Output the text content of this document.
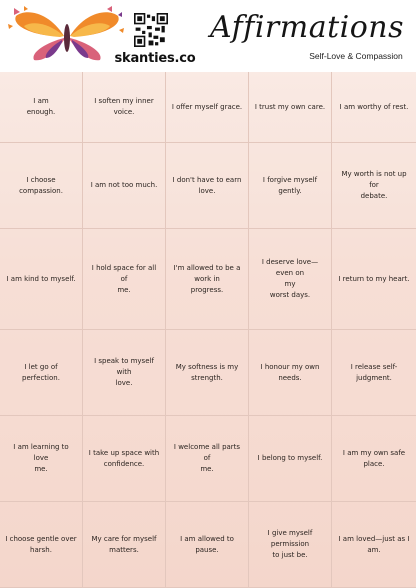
skanties.co
Affirmations
Self-Love & Compassion
I am
enough.
I soften my inner voice.
I offer myself grace.	I trust my own care.	I am worthy of rest.
I choose compassion.
I am not too much.
I don't have to earn
love.
I forgive myself gently.
My worth is not up for
debate.
I am kind to myself.
I hold space for all of
me.
I'm allowed to be a
work in
progress.
I deserve love—even on
my
worst days.
I return to my heart.
I let go of perfection.
I speak to myself with
love.
My softness is my
strength.
I honour my own needs.
I release self-
judgment.
I am learning to love
me.
I take up space with
confidence.
I welcome all parts of
me.
I belong to myself.
I am my own safe
place.
I choose gentle over
harsh.
My care for myself
matters.
I am allowed to pause.
I give myself permission
to just be.
I am loved—just as I
am.
